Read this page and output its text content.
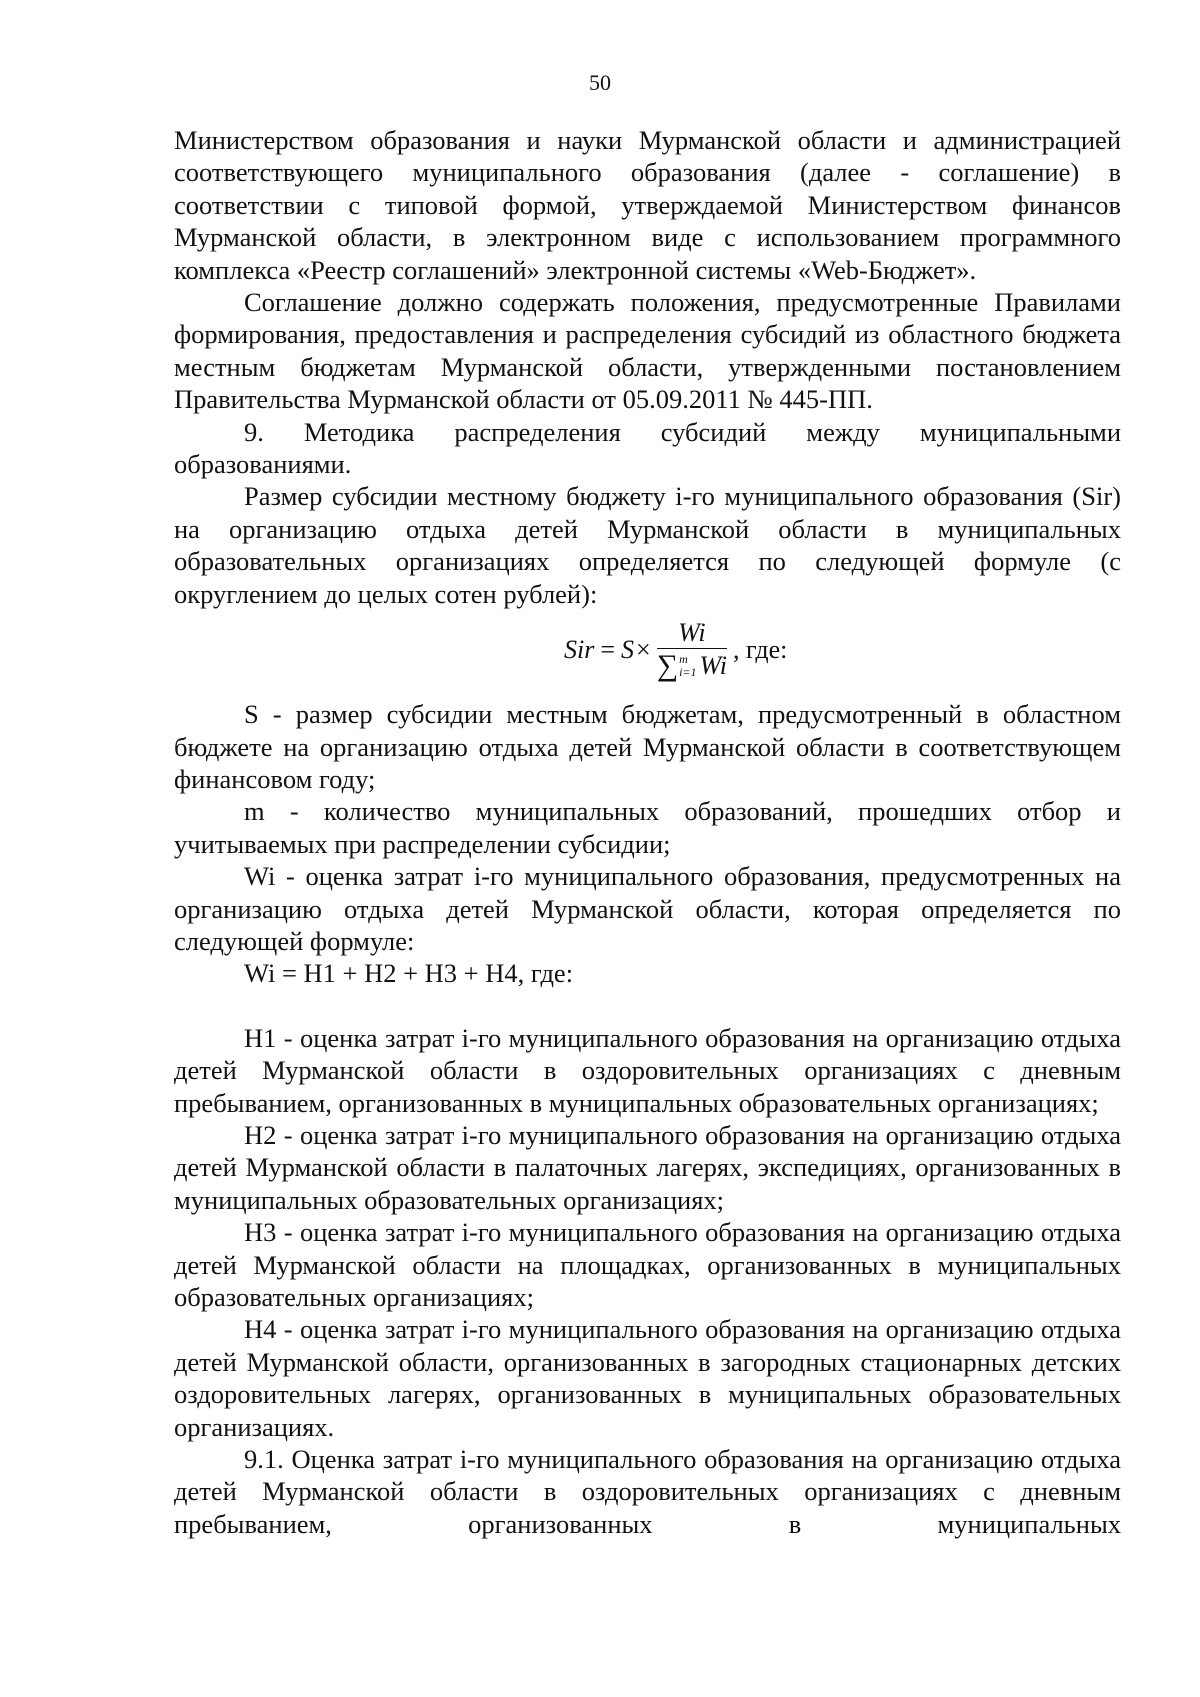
50

Министерством образования и науки Мурманской области и администрацией соответствующего муниципального образования (далее - соглашение) в соответствии с типовой формой, утверждаемой Министерством финансов Мурманской области, в электронном виде с использованием программного комплекса «Реестр соглашений» электронной системы «Web-Бюджет».

Соглашение должно содержать положения, предусмотренные Правилами формирования, предоставления и распределения субсидий из областного бюджета местным бюджетам Мурманской области, утвержденными постановлением Правительства Мурманской области от 05.09.2011 № 445-ПП.

9. Методика распределения субсидий между муниципальными образованиями.

Размер субсидии местному бюджету i-го муниципального образования (Sir) на организацию отдыха детей Мурманской области в муниципальных образовательных организациях определяется по следующей формуле (с округлением до целых сотен рублей):

Sir = S ×
Wi
∑ m
i=1 Wi
, где:

S - размер субсидии местным бюджетам, предусмотренный в областном бюджете на организацию отдыха детей Мурманской области в соответствующем финансовом году;

m - количество муниципальных образований, прошедших отбор и учитываемых при распределении субсидии;

Wi - оценка затрат i-го муниципального образования, предусмотренных на организацию отдыха детей Мурманской области, которая определяется по следующей формуле:

Wi = Н1 + Н2 + Н3 + Н4, где:

Н1 - оценка затрат i-го муниципального образования на организацию отдыха детей Мурманской области в оздоровительных организациях с дневным пребыванием, организованных в муниципальных образовательных организациях;

Н2 - оценка затрат i-го муниципального образования на организацию отдыха детей Мурманской области в палаточных лагерях, экспедициях, организованных в муниципальных образовательных организациях;

Н3 - оценка затрат i-го муниципального образования на организацию отдыха детей Мурманской области на площадках, организованных в муниципальных образовательных организациях;

Н4 - оценка затрат i-го муниципального образования на организацию отдыха детей Мурманской области, организованных в загородных стационарных детских оздоровительных лагерях, организованных в муниципальных образовательных организациях.

9.1. Оценка затрат i-го муниципального образования на организацию отдыха детей Мурманской области в оздоровительных организациях с дневным пребыванием, организованных в муниципальных
